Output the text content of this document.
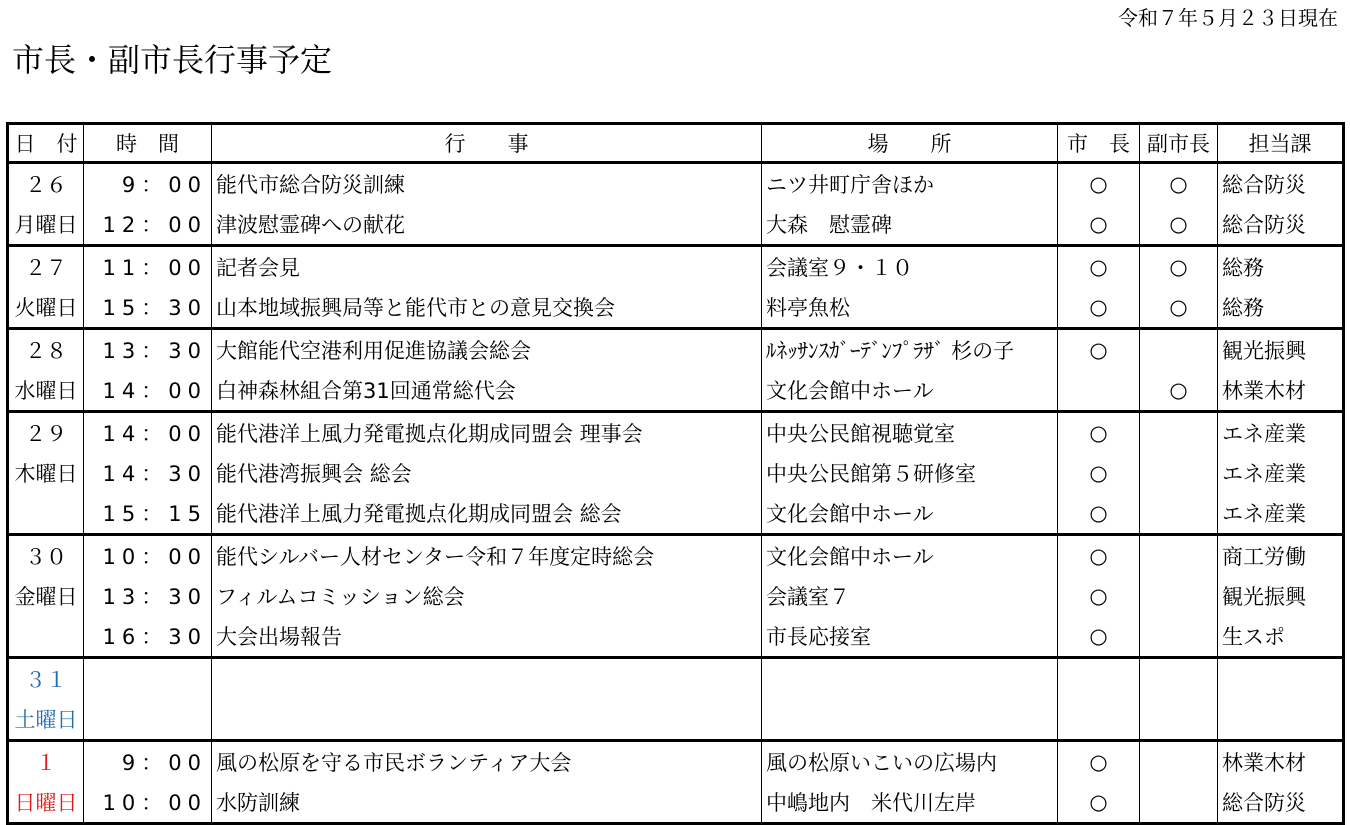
令和７年５月２３日現在
市長・副市長行事予定
日　付	時　間	行　　事	場　　所	市　長	副市長	担当課
２６	9：00	能代市総合防災訓練	ニツ井町庁舎ほか	○	○	総合防災
月曜日	12：00	津波慰霊碑への献花	大森　慰霊碑	○	○	総合防災
２７	11：00	記者会見	会議室９・１０	○	○	総務
火曜日	15：30	山本地域振興局等と能代市との意見交換会	料亭魚松	○	○	総務
２８	13：30	大館能代空港利用促進協議会総会	ﾙﾈｯｻﾝｽｶﾞｰﾃﾞﾝﾌﾟﾗｻﾞ 杉の子	○		観光振興
水曜日	14：00	白神森林組合第31回通常総代会	文化会館中ホール		○	林業木材
２９	14：00	能代港洋上風力発電拠点化期成同盟会 理事会	中央公民館視聴覚室	○		エネ産業
木曜日	14：30	能代港湾振興会 総会	中央公民館第５研修室	○		エネ産業
	15：15	能代港洋上風力発電拠点化期成同盟会 総会	文化会館中ホール	○		エネ産業
３０	10：00	能代シルバー人材センター令和７年度定時総会	文化会館中ホール	○		商工労働
金曜日	13：30	フィルムコミッション総会	会議室７	○		観光振興
	16：30	大会出場報告	市長応接室	○		生スポ
３１						
土曜日						
１	9：00	風の松原を守る市民ボランティア大会	風の松原いこいの広場内	○		林業木材
日曜日	10：00	水防訓練	中嶋地内　米代川左岸	○		総合防災
